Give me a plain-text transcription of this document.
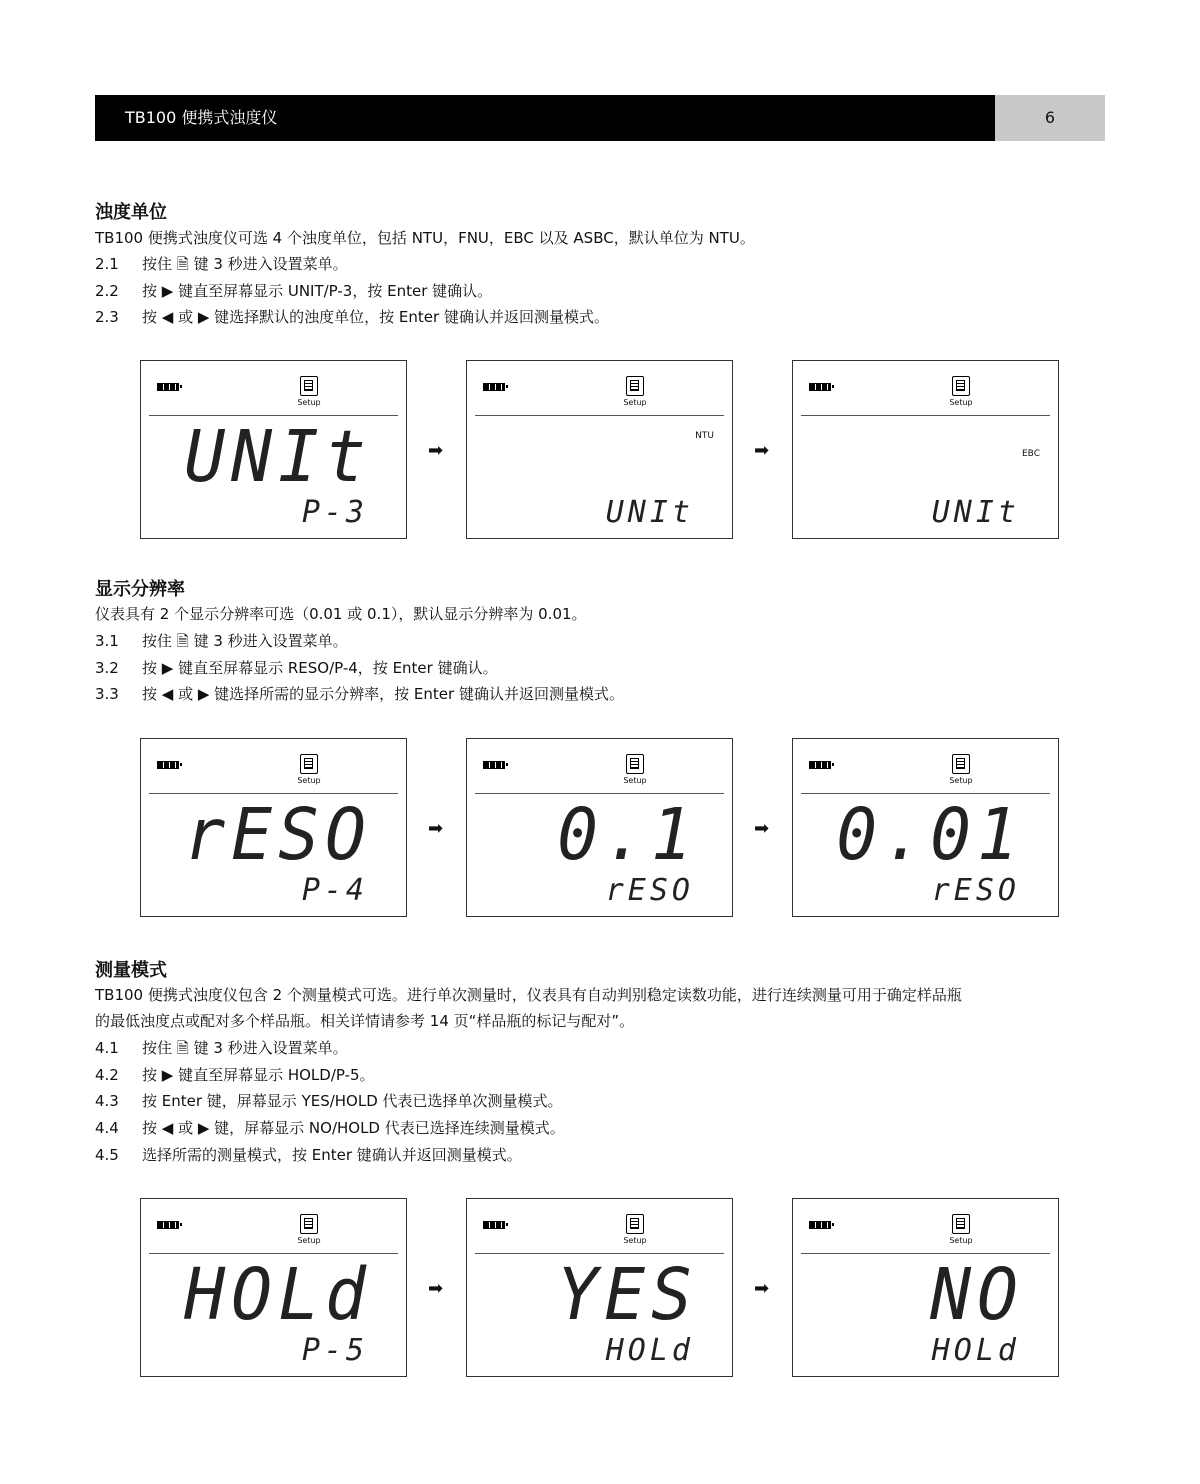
TB100 便携式浊度仪	6
浊度单位
TB100 便携式浊度仪可选 4 个浊度单位，包括 NTU，FNU，EBC 以及 ASBC，默认单位为 NTU。
2.1 按住 🗎 键 3 秒进入设置菜单。
2.2 按 ▶ 键直至屏幕显示 UNIT/P-3，按 Enter 键确认。
2.3 按 ◀ 或 ▶ 键选择默认的浊度单位，按 Enter 键确认并返回测量模式。
Setup
UNIt
P-3
➡
Setup
UNIt
NTU
➡
Setup
UNIt
EBC
显示分辨率
仪表具有 2 个显示分辨率可选（0.01 或 0.1），默认显示分辨率为 0.01。
3.1 按住 🗎 键 3 秒进入设置菜单。
3.2 按 ▶ 键直至屏幕显示 RESO/P-4，按 Enter 键确认。
3.3 按 ◀ 或 ▶ 键选择所需的显示分辨率，按 Enter 键确认并返回测量模式。
Setup
rESO
P-4
➡
Setup
0.1
rESO
➡
Setup
0.01
rESO
测量模式
TB100 便携式浊度仪包含 2 个测量模式可选。进行单次测量时，仪表具有自动判别稳定读数功能，进行连续测量可用于确定样品瓶
的最低浊度点或配对多个样品瓶。相关详情请参考 14 页“样品瓶的标记与配对”。
4.1 按住 🗎 键 3 秒进入设置菜单。
4.2 按 ▶ 键直至屏幕显示 HOLD/P-5。
4.3 按 Enter 键，屏幕显示 YES/HOLD 代表已选择单次测量模式。
4.4 按 ◀ 或 ▶ 键，屏幕显示 NO/HOLD 代表已选择连续测量模式。
4.5 选择所需的测量模式，按 Enter 键确认并返回测量模式。
Setup
HOLd
P-5
➡
Setup
YES
HOLd
➡
Setup
NO
HOLd
